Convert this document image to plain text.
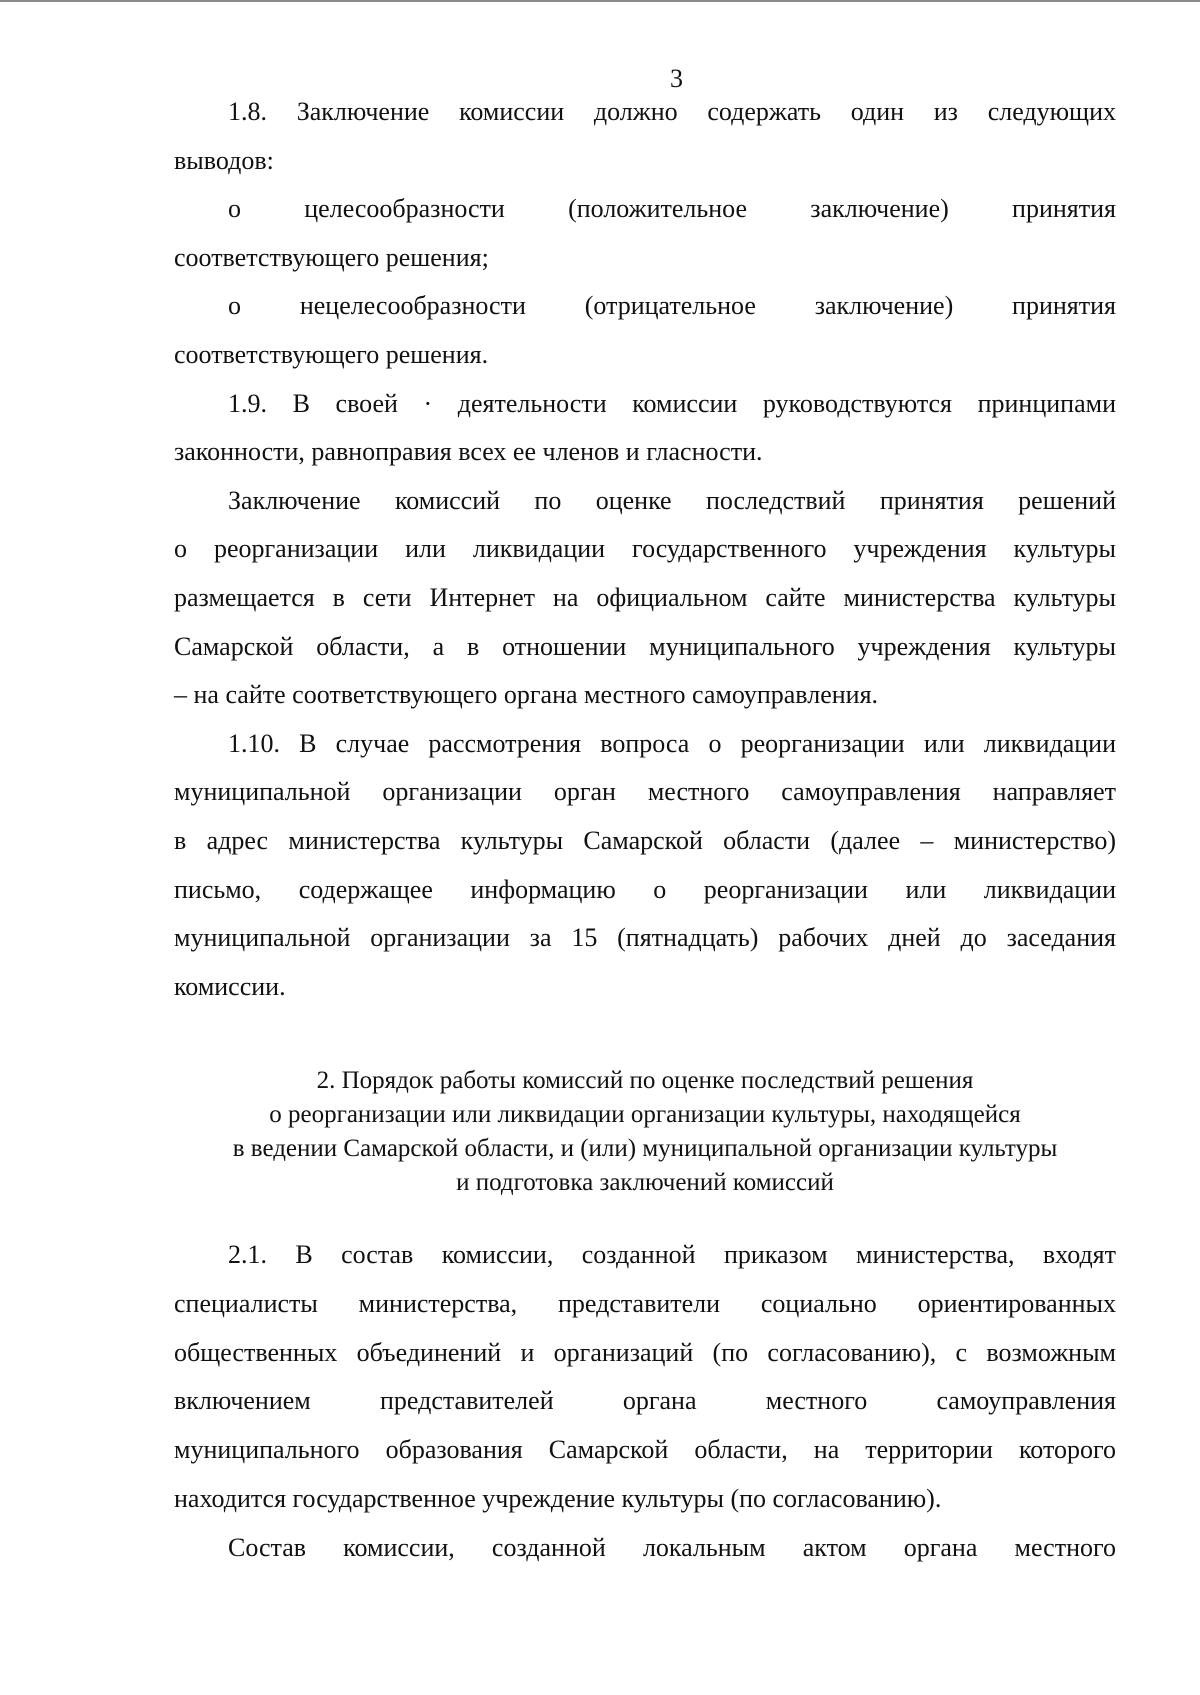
3

1.8. Заключение комиссии должно содержать один из следующих

выводов:

о целесообразности (положительное заключение) принятия

соответствующего решения;

о нецелесообразности (отрицательное заключение) принятия

соответствующего решения.

1.9. В своей · деятельности комиссии руководствуются принципами

законности, равноправия всех ее членов и гласности.

Заключение комиссий по оценке последствий принятия решений

о реорганизации или ликвидации государственного учреждения культуры

размещается в сети Интернет на официальном сайте министерства культуры

Самарской области, а в отношении муниципального учреждения культуры

– на сайте соответствующего органа местного самоуправления.

1.10. В случае рассмотрения вопроса о реорганизации или ликвидации

муниципальной организации орган местного самоуправления направляет

в адрес министерства культуры Самарской области (далее – министерство)

письмо, содержащее информацию о реорганизации или ликвидации

муниципальной организации за 15 (пятнадцать) рабочих дней до заседания

комиссии.

2. Порядок работы комиссий по оценке последствий решения
о реорганизации или ликвидации организации культуры, находящейся
в ведении Самарской области, и (или) муниципальной организации культуры
и подготовка заключений комиссий

2.1. В состав комиссии, созданной приказом министерства, входят

специалисты министерства, представители социально ориентированных

общественных объединений и организаций (по согласованию), с возможным

включением представителей органа местного самоуправления

муниципального образования Самарской области, на территории которого

находится государственное учреждение культуры (по согласованию).

Состав комиссии, созданной локальным актом органа местного
